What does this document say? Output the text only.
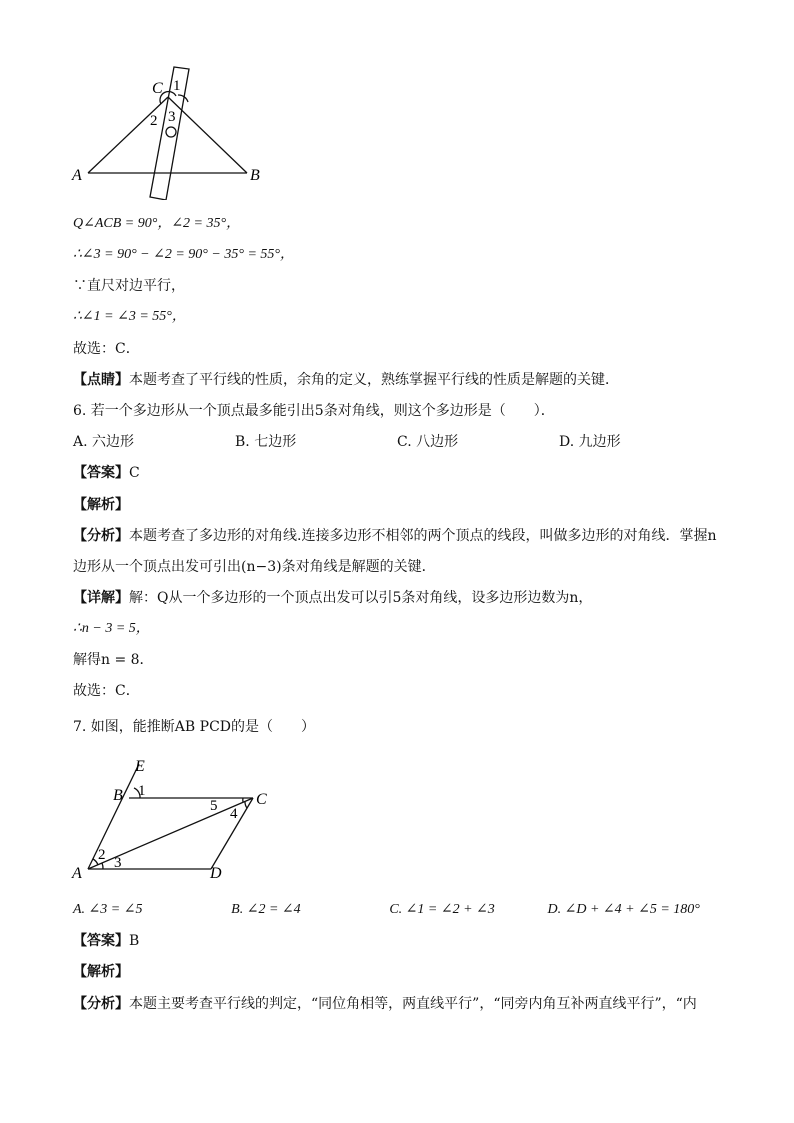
C 1
2 3
A	B
Q∠ACB = 90°，∠2 = 35°，
∴∠3 = 90° − ∠2 = 90° − 35° = 55°，
∵直尺对边平行，
∴∠1 = ∠3 = 55°，
故选：C．
【点睛】本题考查了平行线的性质，余角的定义，熟练掌握平行线的性质是解题的关键．
6. 若一个多边形从一个顶点最多能引出5条对角线，则这个多边形是（　　）．
A. 六边形	B. 七边形	C. 八边形	D. 九边形
【答案】C
【解析】
【分析】本题考查了多边形的对角线.连接多边形不相邻的两个顶点的线段，叫做多边形的对角线．掌握n
边形从一个顶点出发可引出(n−3)条对角线是解题的关键．
【详解】解：Q从一个多边形的一个顶点出发可以引5条对角线，设多边形边数为n，
∴n − 3 = 5，
解得n = 8．
故选：C．
7. 如图，能推断AB PCD的是（　　）
E
B 1	C
5 4
2 3
A	D
A. ∠3 = ∠5	B. ∠2 = ∠4	C. ∠1 = ∠2 + ∠3	D. ∠D + ∠4 + ∠5 = 180°
【答案】B
【解析】
【分析】本题主要考查平行线的判定，“同位角相等，两直线平行”，“同旁内角互补两直线平行”，“内
